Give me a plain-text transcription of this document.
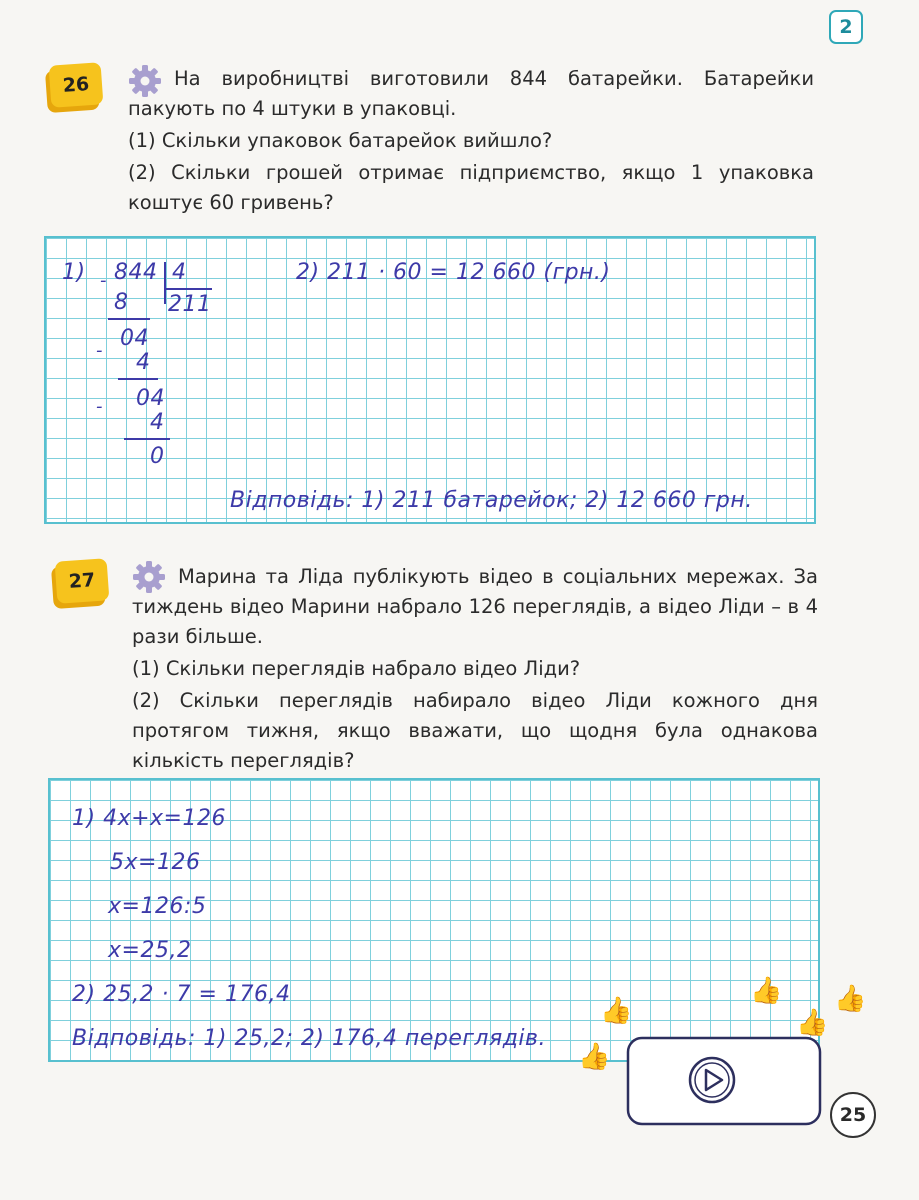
2
26	На виробництві виготовили 844 батарейки. Батарейки пакують по 4 штуки в упаковці.

(1) Скільки упаковок батарейок вийшло?

(2) Скільки грошей отримає підприємство, якщо 1 упаковка коштує 60 гривень?

1) 844 4
211
-
8
04
- 4
04
-
4
0
2) 211 · 60 = 12 660 (грн.)
Відповідь: 1) 211 батарейок; 2) 12 660 грн.
27	Марина та Ліда публікують відео в соціальних мережах. За тиждень відео Марини набрало 126 переглядів, а відео Ліди – в 4 рази більше.

(1) Скільки переглядів набрало відео Ліди?

(2) Скільки переглядів набирало відео Ліди кожного дня протягом тижня, якщо вважати, що щодня була однакова кількість переглядів?

1) 4x+x=126
5x=126
x=126:5
x=25,2
2) 25,2 · 7 = 176,4
Відповідь: 1) 25,2; 2) 176,4 переглядів.
👍
👍
👍
👍
👍
25
